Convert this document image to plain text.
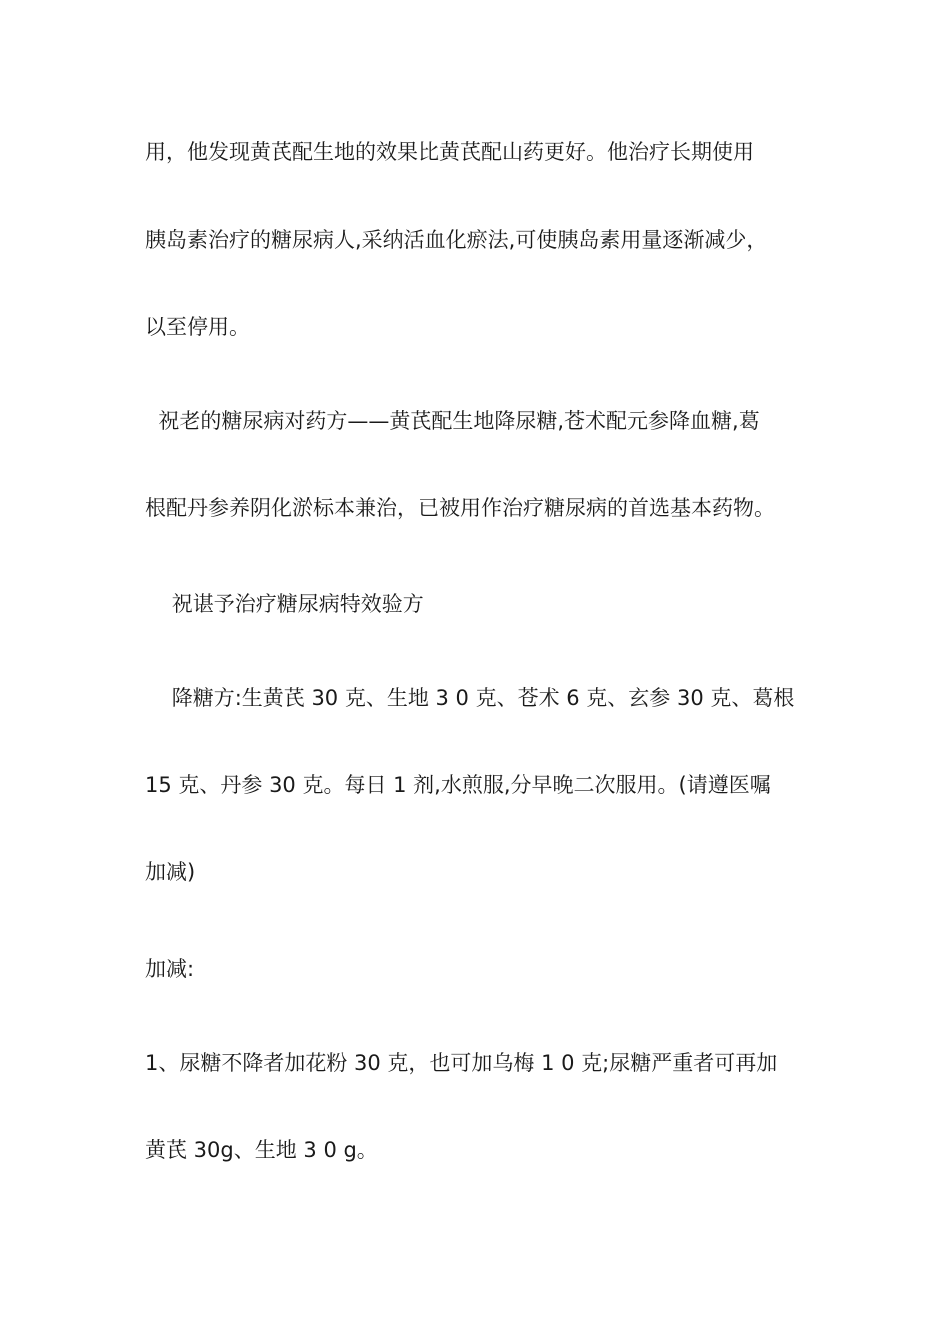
用，他发现黄芪配生地的效果比黄芪配山药更好。他治疗长期使用
胰岛素治疗的糖尿病人,采纳活血化瘀法,可使胰岛素用量逐渐减少，
以至停用。
祝老的糖尿病对药方——黄芪配生地降尿糖,苍术配元参降血糖,葛
根配丹参养阴化淤标本兼治，已被用作治疗糖尿病的首选基本药物。
祝谌予治疗糖尿病特效验方
降糖方:生黄芪 30 克、生地 3 0 克、苍术 6 克、玄参 30 克、葛根
15 克、丹参 30 克。每日 1 剂,水煎服,分早晚二次服用。(请遵医嘱
加减)
加减:
1、尿糖不降者加花粉 30 克，也可加乌梅 1 0 克;尿糖严重者可再加
黄芪 30g、生地 3 0 g。
